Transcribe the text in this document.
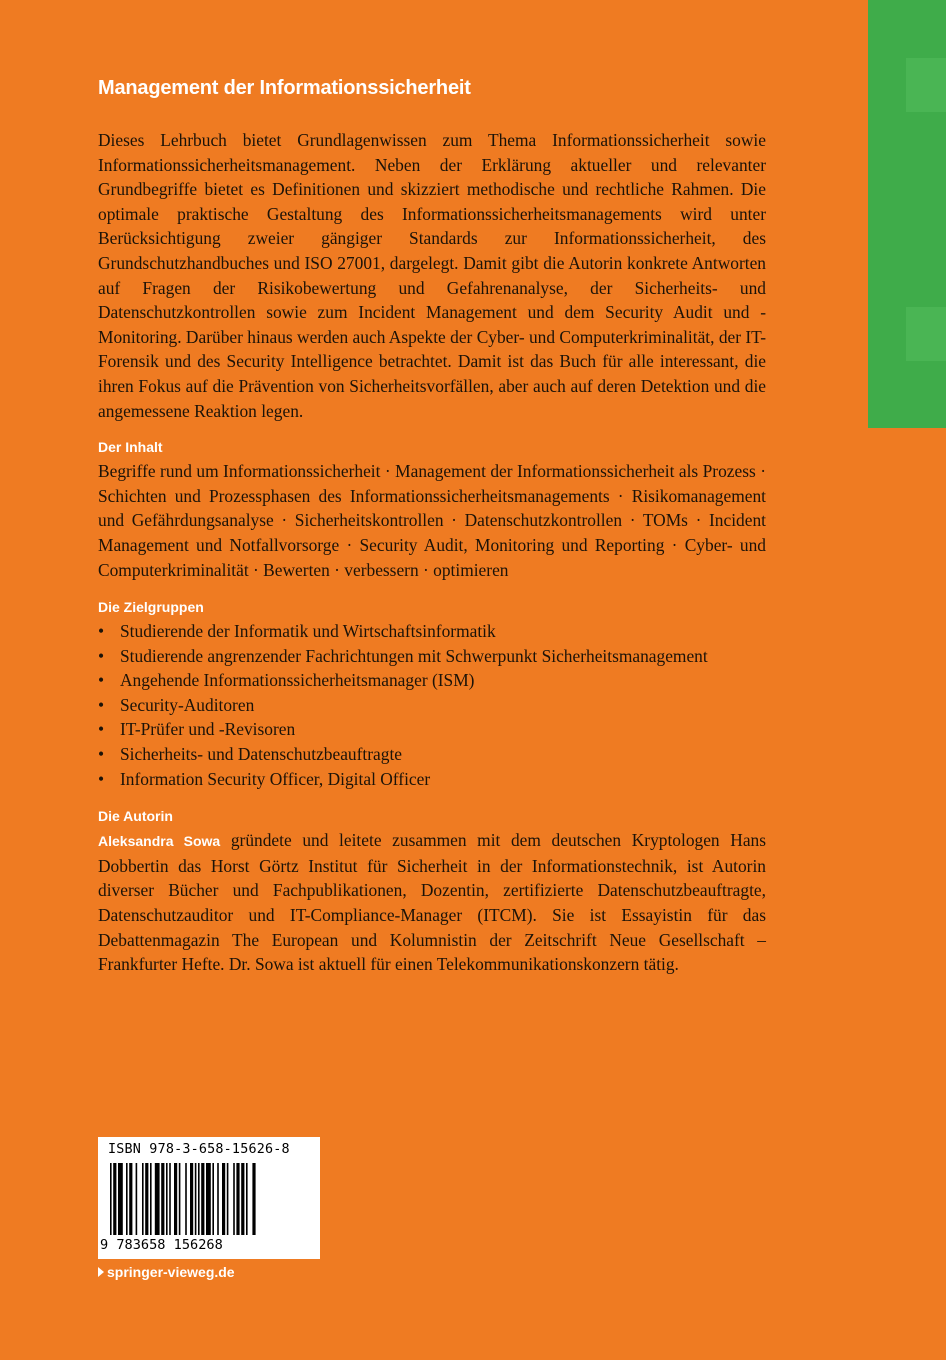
Management der Informationssicherheit

Dieses Lehrbuch bietet Grundlagenwissen zum Thema Informationssicherheit sowie Informationssicherheitsmanagement. Neben der Erklärung aktueller und relevanter Grundbegriffe bietet es Definitionen und skizziert methodische und rechtliche Rahmen. Die optimale praktische Gestaltung des Informationssicherheitsmanagements wird unter Berücksichtigung zweier gängiger Standards zur Informationssicherheit, des Grundschutzhandbuches und ISO 27001, dargelegt. Damit gibt die Autorin konkrete Antworten auf Fragen der Risikobewertung und Gefahrenanalyse, der Sicherheits- und Datenschutzkontrollen sowie zum Incident Management und dem Security Audit und -Monitoring. Darüber hinaus werden auch Aspekte der Cyber- und Computerkriminalität, der IT-Forensik und des Security Intelligence betrachtet. Damit ist das Buch für alle interessant, die ihren Fokus auf die Prävention von Sicherheitsvorfällen, aber auch auf deren Detektion und die angemessene Reaktion legen.

Der Inhalt

Begriffe rund um Informationssicherheit · Management der Informationssicherheit als Prozess · Schichten und Prozessphasen des Informationssicherheitsmanagements · Risikomanagement und Gefährdungsanalyse · Sicherheitskontrollen · Datenschutzkontrollen · TOMs · Incident Management und Notfallvorsorge · Security Audit, Monitoring und Reporting · Cyber- und Computerkriminalität · Bewerten · verbessern · optimieren

Die Zielgruppen
• Studierende der Informatik und Wirtschaftsinformatik
• Studierende angrenzender Fachrichtungen mit Schwerpunkt Sicherheitsmanagement
• Angehende Informationssicherheitsmanager (ISM)
• Security-Auditoren
• IT-Prüfer und -Revisoren
• Sicherheits- und Datenschutzbeauftragte
• Information Security Officer, Digital Officer
Die Autorin

Aleksandra Sowa gründete und leitete zusammen mit dem deutschen Kryptologen Hans Dobbertin das Horst Görtz Institut für Sicherheit in der Informationstechnik, ist Autorin diverser Bücher und Fachpublikationen, Dozentin, zertifizierte Datenschutzbeauftragte, Datenschutzauditor und IT-Compliance-Manager (ITCM). Sie ist Essayistin für das Debattenmagazin The European und Kolumnistin der Zeitschrift Neue Gesellschaft – Frankfurter Hefte. Dr. Sowa ist aktuell für einen Telekommunikationskonzern tätig.

ISBN 978-3-658-15626-8
9 783658 156268
springer-vieweg.de
